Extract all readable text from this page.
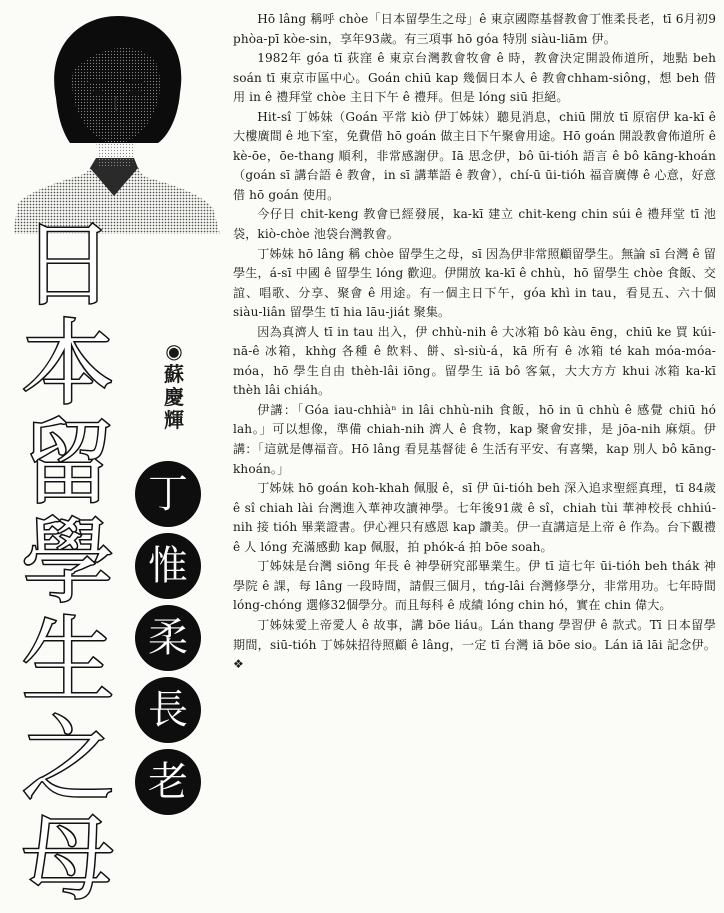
日
本
留
學
生
之
母
◉
蘇
慶
輝
丁
惟
柔
長
老

Hō lâng 稱呼 chòe「日本留學生之母」ê 東京國際基督教會丁惟柔長老，tī 6月初9 phòa-pī kòe-sin，享年93歲。有三項事 hō góa 特別 siàu-liām 伊。

1982年 góa tī 荻窪 ê 東京台灣教會牧會 ê 時，教會決定開設佈道所，地點 beh soán tī 東京市區中心。Goán chiū kap 幾個日本人 ê 教會chham-siông，想 beh 借用 in ê 禮拜堂 chòe 主日下午 ê 禮拜。但是 lóng siū 拒絕。

Hit-sî 丁姊妹（Goán 平常 kiò 伊丁姊妹）聽見消息，chiū 開放 tī 原宿伊 ka-kī ê 大樓廣間 ê 地下室，免費借 hō goán 做主日下午聚會用途。Hō goán 開設教會佈道所 ê kè-ōe，ōe-thang 順利，非常感謝伊。Iā 思念伊，bô ūi-tióh 語言 ê bô kāng-khoán（goán sī 講台語 ê 教會，in sī 講華語 ê 教會），chí-ū ūi-tióh 福音廣傳 ê 心意，好意借 hō goán 使用。

今仔日 chit-keng 教會已經發展，ka-kī 建立 chit-keng chin súi ê 禮拜堂 tī 池袋，kiò-chòe 池袋台灣教會。

丁姊妹 hō lâng 稱 chòe 留學生之母，sī 因為伊非常照顧留學生。無論 sī 台灣 ê 留學生，á-sī 中國 ê 留學生 lóng 歡迎。伊開放 ka-kī ê chhù，hō 留學生 chòe 食飯、交誼、唱歌、分享、聚會 ê 用途。有一個主日下午，góa khì in tau，看見五、六十個 siàu-liân 留學生 tī hia lāu-jiát 聚集。

因為真濟人 tī in tau 出入，伊 chhù-nih ê 大冰箱 bô kàu ēng，chiū ke 買 kúi-nā-ê 冰箱，khǹg 各種 ê 飲料、餅、sì-siù-á，kā 所有 ê 冰箱 té kah móa-móa-móa，hō 學生自由 thèh-lâi iōng。留學生 iā bô 客氣，大大方方 khui 冰箱 ka-kī thèh lâi chiáh。

伊講：「Góa iau-chhiàⁿ in lâi chhù-nih 食飯，hō in ū chhù ê 感覺 chiū hó lah。」可以想像，準備 chiah-nih 濟人 ê 食物，kap 聚會安排，是 jōa-nih 麻煩。伊講：「這就是傳福音。Hō lâng 看見基督徒 ê 生活有平安、有喜樂，kap 別人 bô kāng-khoán。」

丁姊妹 hō goán koh-khah 佩服 ê，sī 伊 ūi-tióh beh 深入追求聖經真理，tī 84歲 ê sî chiah lài 台灣進入華神攻讀神學。七年後91歲 ê sî，chiah tùi 華神校長 chhiú-nih 接 tióh 畢業證書。伊心裡只有感恩 kap 讚美。伊一直講這是上帝 ê 作為。台下觀禮 ê 人 lóng 充滿感動 kap 佩服，拍 phók-á 拍 bōe soah。

丁姊妹是台灣 siōng 年長 ê 神學研究部畢業生。伊 tī 這七年 ūi-tióh beh thák 神學院 ê 課，每 lâng 一段時間，請假三個月，tńg-lâi 台灣修學分，非常用功。七年時間 lóng-chóng 選修32個學分。而且每科 ê 成績 lóng chin hó，實在 chin 偉大。

丁姊妹愛上帝愛人 ê 故事，講 bōe liáu。Lán thang 學習伊 ê 款式。Tī 日本留學期間，siū-tióh 丁姊妹招待照顧 ê lâng，一定 tī 台灣 iā bōe sio。Lán iā lāi 記念伊。❖
